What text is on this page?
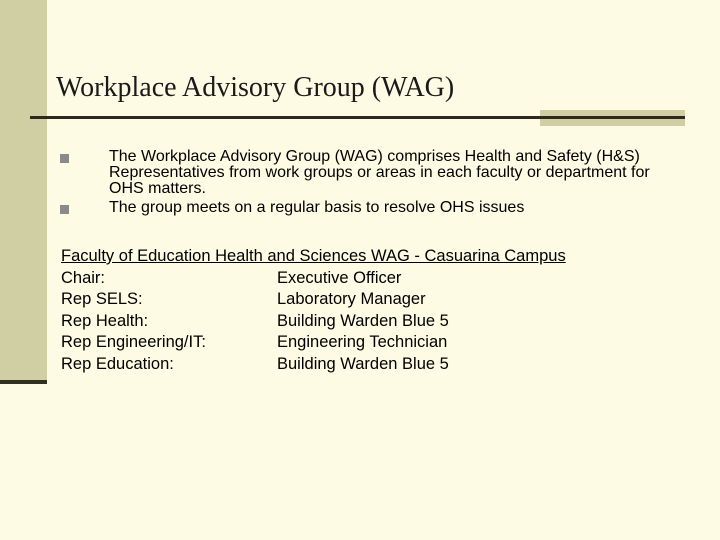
Workplace Advisory Group (WAG)
The Workplace Advisory Group (WAG) comprises Health and Safety (H&S) Representatives from work groups or areas in each faculty or department for OHS matters.
The group meets on a regular basis to resolve OHS issues
Faculty of Education Health and Sciences WAG - Casuarina Campus
Chair:	Executive Officer
Rep SELS:	Laboratory Manager
Rep Health:	Building Warden Blue 5
Rep Engineering/IT:	Engineering Technician
Rep Education:	Building Warden Blue 5
